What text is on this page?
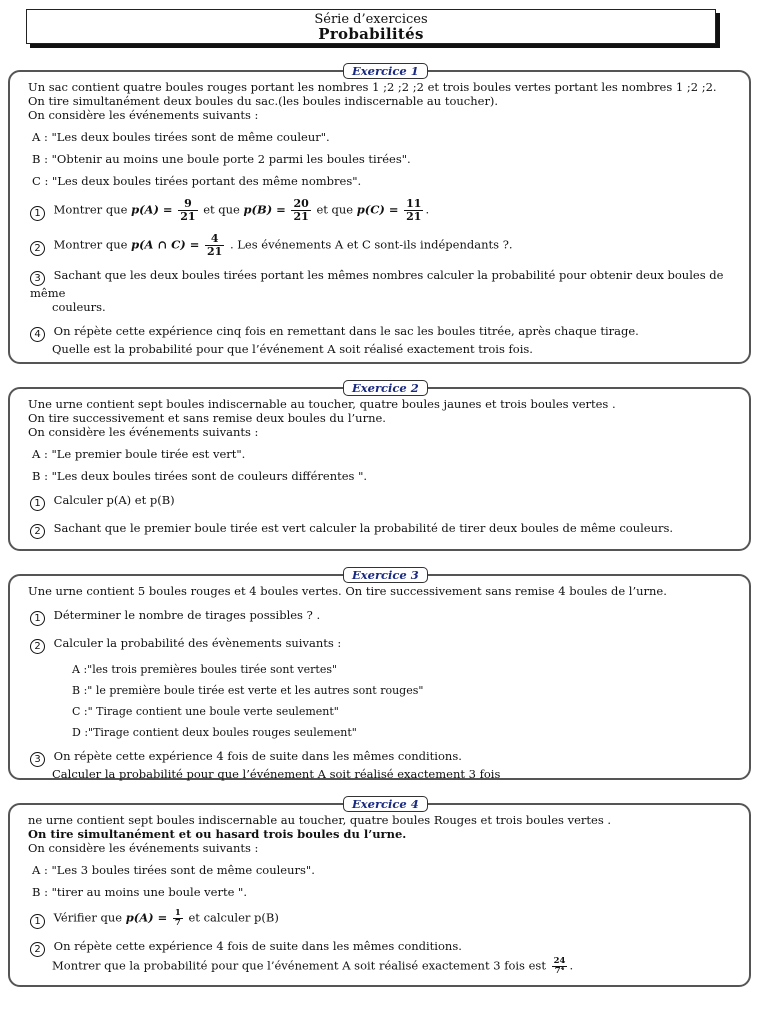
Série d’exercices
Probabilités
Exercice 1
Un sac contient quatre boules rouges portant les nombres 1 ;2 ;2 ;2 et trois boules vertes portant les nombres 1 ;2 ;2.
On tire simultanément deux boules du sac.(les boules indiscernable au toucher).
On considère les événements suivants :
A : "Les deux boules tirées sont de même couleur".
B : "Obtenir au moins une boule porte 2 parmi les boules tirées".
C : "Les deux boules tirées portant des même nombres".
1 Montrer que $p(A) = \frac{9}{21}$ et que $p(B) = \frac{20}{21}$ et que $p(C) = \frac{11}{21}$ .
2 Montrer que p(A ∩ $C) = \frac{4}{21}$ . Les événements A et C sont-ils indépendants ?.
3 Sachant que les deux boules tirées portant les mêmes nombres calculer la probabilité pour obtenir deux boules de même
couleurs.
4 On répète cette expérience cinq fois en remettant dans le sac les boules titrée, après chaque tirage.
Quelle est la probabilité pour que l’événement A soit réalisé exactement trois fois.
Exercice 2
Une urne contient sept boules indiscernable au toucher, quatre boules jaunes et trois boules vertes .
On tire successivement et sans remise deux boules du l’urne.
On considère les événements suivants :
A : "Le premier boule tirée est vert".
B : "Les deux boules tirées sont de couleurs différentes ".
1 Calculer p(A) et p(B)
2 Sachant que le premier boule tirée est vert calculer la probabilité de tirer deux boules de même couleurs.
Exercice 3
Une urne contient 5 boules rouges et 4 boules vertes. On tire successivement sans remise 4 boules de l’urne.
1 Déterminer le nombre de tirages possibles ? .
2 Calculer la probabilité des évènements suivants :
A :"les trois premières boules tirée sont vertes"
B :" le première boule tirée est verte et les autres sont rouges"
C :" Tirage contient une boule verte seulement"
D :"Tirage contient deux boules rouges seulement"
3 On répète cette expérience 4 fois de suite dans les mêmes conditions.
Calculer la probabilité pour que l’événement A soit réalisé exactement 3 fois
Exercice 4
ne urne contient sept boules indiscernable au toucher, quatre boules Rouges et trois boules vertes .
On tire simultanément et ou hasard trois boules du l’urne.
On considère les événements suivants :
A : "Les 3 boules tirées sont de même couleurs".
B : "tirer au moins une boule verte ".
1 Vérifier que $p(A) = \frac{1}{7}$ et calculer p(B)
2 On répète cette expérience 4 fois de suite dans les mêmes conditions.
Montrer que la probabilité pour que l’événement A soit réalisé exactement 3 fois est $\frac{24}{\text{7⁴}}$ .
